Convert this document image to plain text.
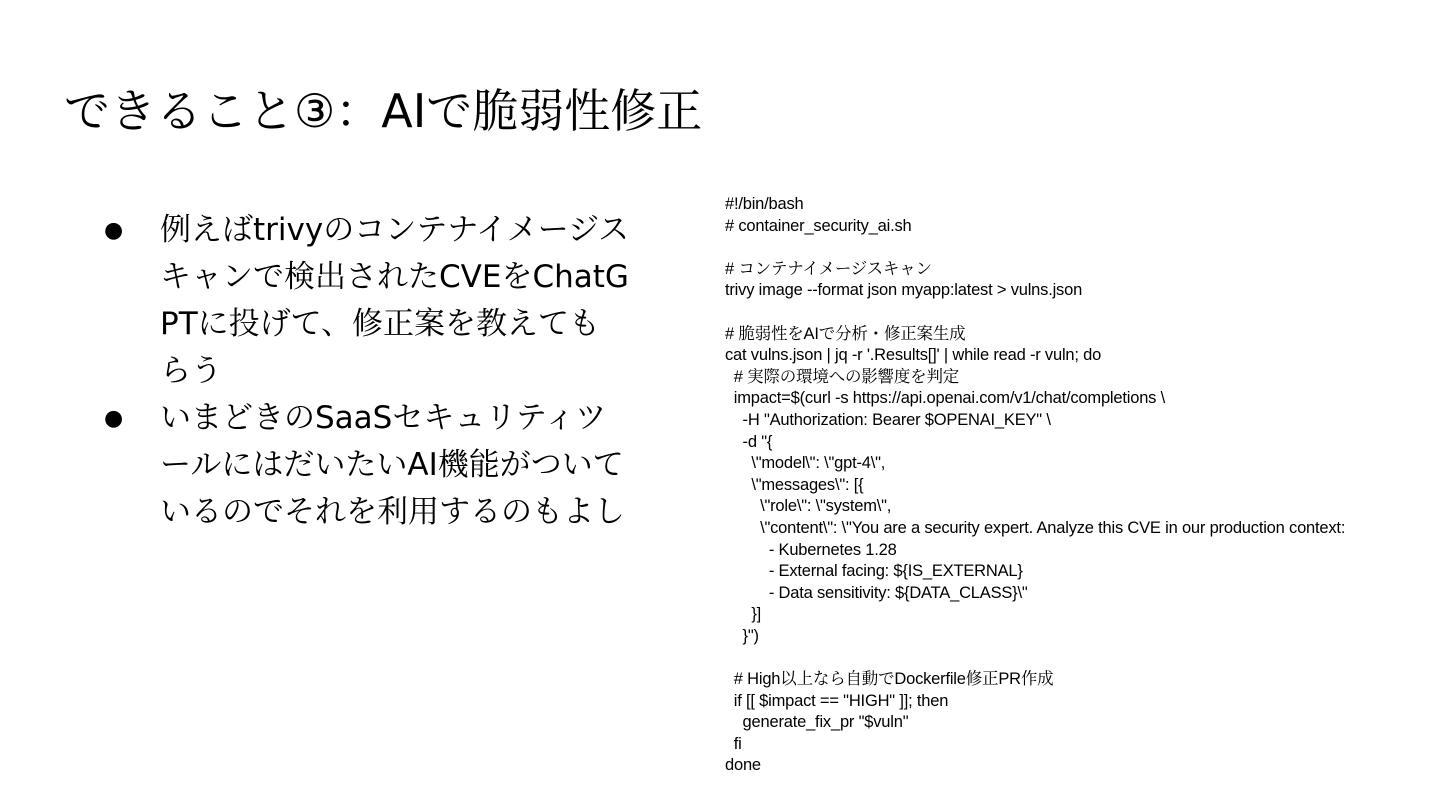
できること③：AIで脆弱性修正
● 例えばtrivyのコンテナイメージスキャンで検出されたCVEをChatGPTに投げて、修正案を教えてもらう
● いまどきのSaaSセキュリティツールにはだいたいAI機能がついているのでそれを利用するのもよし
#!/bin/bash
# container_security_ai.sh
# コンテナイメージスキャン
trivy image --format json myapp:latest > vulns.json
# 脆弱性をAIで分析・修正案生成
cat vulns.json | jq -r '.Results[]' | while read -r vuln; do
# 実際の環境への影響度を判定
impact=$(curl -s https://api.openai.com/v1/chat/completions \
-H "Authorization: Bearer $OPENAI_KEY" \
-d "{
\"model\": \"gpt-4\",
\"messages\": [{
\"role\": \"system\",
\"content\": \"You are a security expert. Analyze this CVE in our production context:
- Kubernetes 1.28
- External facing: ${IS_EXTERNAL}
- Data sensitivity: ${DATA_CLASS}\"
}]
}")
# High以上なら自動でDockerfile修正PR作成
if [[ $impact == "HIGH" ]]; then
generate_fix_pr "$vuln"
fi
done
